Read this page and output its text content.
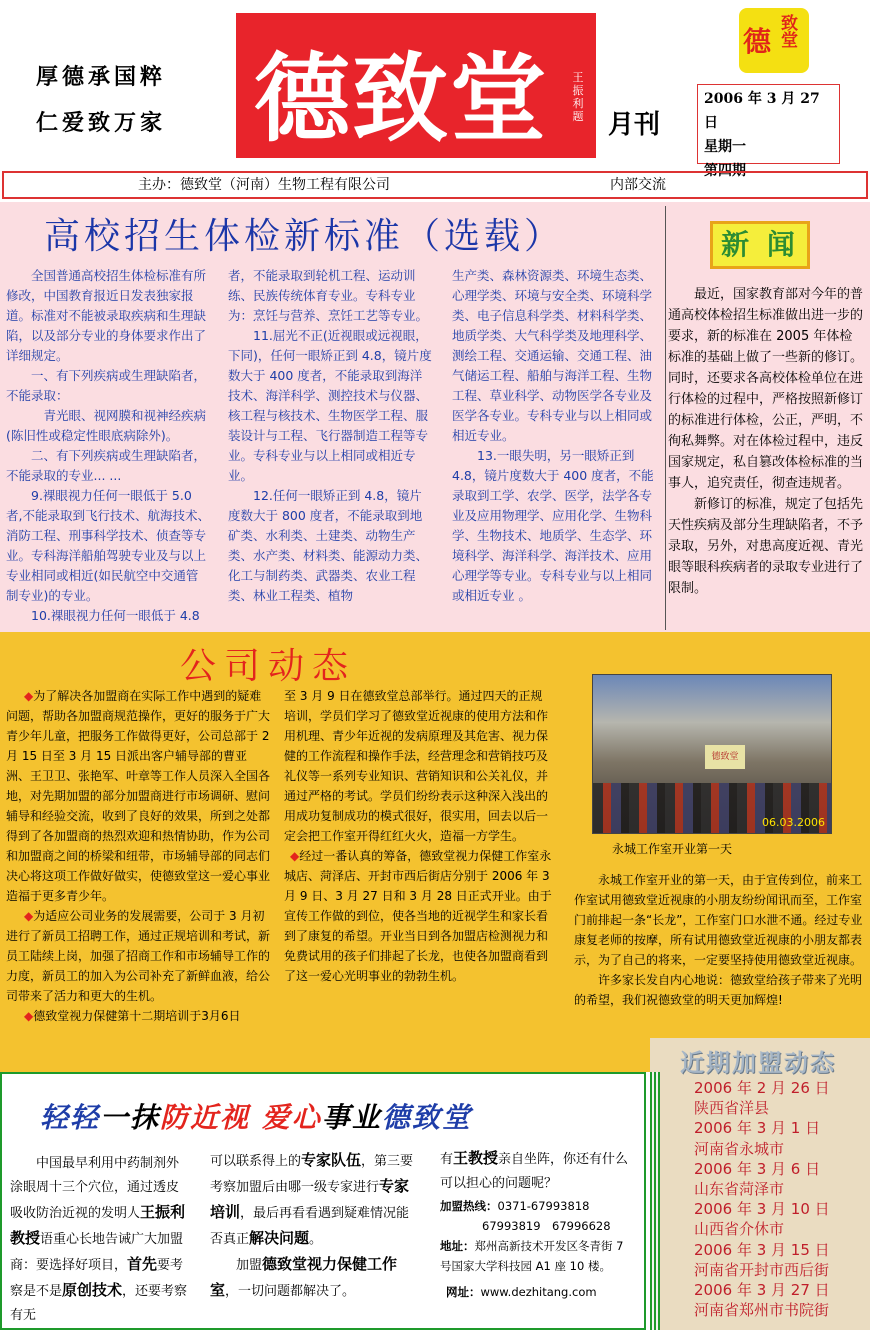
厚德承国粹
仁爱致万家 德致堂	王振利题 月刊
德 致堂
2006 年 3 月 27 日
星期一
第四期
主办：德致堂（河南）生物工程有限公司	内部交流
高校招生体检新标准（选载）

全国普通高校招生体检标准有所修改，中国教育报近日发表独家报道。标准对不能被录取疾病和生理缺陷，以及部分专业的身体要求作出了详细规定。

一、有下列疾病或生理缺陷者，不能录取：

青光眼、视网膜和视神经疾病(陈旧性或稳定性眼底病除外)。

二、有下列疾病或生理缺陷者，不能录取的专业... ...

9.裸眼视力任何一眼低于 5.0 者,不能录取到飞行技术、航海技术、消防工程、刑事科学技术、侦查等专业。专科海洋船舶驾驶专业及与以上专业相同或相近(如民航空中交通管制专业)的专业。

10.裸眼视力任何一眼低于 4.8

者，不能录取到轮机工程、运动训练、民族传统体育专业。专科专业为：烹饪与营养、烹饪工艺等专业。

11.屈光不正(近视眼或远视眼，下同)，任何一眼矫正到 4.8，镜片度数大于 400 度者，不能录取到海洋技术、海洋科学、测控技术与仪器、核工程与核技术、生物医学工程、服装设计与工程、飞行器制造工程等专业。专科专业与以上相同或相近专业。

12.任何一眼矫正到 4.8，镜片度数大于 800 度者，不能录取到地矿类、水利类、土建类、动物生产类、水产类、材料类、能源动力类、化工与制药类、武器类、农业工程类、林业工程类、植物

生产类、森林资源类、环境生态类、心理学类、环境与安全类、环境科学类、电子信息科学类、材料科学类、地质学类、大气科学类及地理科学、测绘工程、交通运输、交通工程、油气储运工程、船舶与海洋工程、生物工程、草业科学、动物医学各专业及医学各专业。专科专业与以上相同或相近专业。

13.一眼失明，另一眼矫正到 4.8，镜片度数大于 400 度者，不能录取到工学、农学、医学，法学各专业及应用物理学、应用化学、生物科学、生物技术、地质学、生态学、环境科学、海洋科学、海洋技术、应用心理学等专业。专科专业与以上相同或相近专业 。

新 闻

最近，国家教育部对今年的普通高校体检招生标准做出进一步的要求，新的标准在 2005 年体检标准的基础上做了一些新的修订。同时，还要求各高校体检单位在进行体检的过程中，严格按照新修订的标准进行体检，公正，严明，不徇私舞弊。对在体检过程中，违反国家规定，私自篡改体检标准的当事人，追究责任，彻查违规者。

新修订的标准，规定了包括先天性疾病及部分生理缺陷者，不予录取，另外，对患高度近视、青光眼等眼科疾病者的录取专业进行了限制。

公司动态

◆为了解决各加盟商在实际工作中遇到的疑难问题，帮助各加盟商规范操作，更好的服务于广大青少年儿童，把服务工作做得更好，公司总部于 2 月 15 日至 3 月 15 日派出客户辅导部的曹亚洲、王卫卫、张艳军、叶章等工作人员深入全国各地，对先期加盟的部分加盟商进行市场调研、慰问辅导和经验交流，收到了良好的效果，所到之处都得到了各加盟商的热烈欢迎和热情协助，作为公司和加盟商之间的桥梁和纽带，市场辅导部的同志们决心将这项工作做好做实，使德致堂这一爱心事业造福于更多青少年。

◆为适应公司业务的发展需要，公司于 3 月初进行了新员工招聘工作，通过正规培训和考试，新员工陆续上岗，加强了招商工作和市场辅导工作的力度，新员工的加入为公司补充了新鲜血液，给公司带来了活力和更大的生机。

◆德致堂视力保健第十二期培训于3月6日

至 3 月 9 日在德致堂总部举行。通过四天的正规培训，学员们学习了德致堂近视康的使用方法和作用机理、青少年近视的发病原理及其危害、视力保健的工作流程和操作手法，经营理念和营销技巧及礼仪等一系列专业知识、营销知识和公关礼仪，并通过严格的考试。学员们纷纷表示这种深入浅出的用成功复制成功的模式很好，很实用，回去以后一定会把工作室开得红红火火，造福一方学生。

◆经过一番认真的筹备，德致堂视力保健工作室永城店、菏泽店、开封市西后街店分别于 2006 年 3 月 9 日、3 月 27 日和 3 月 28 日正式开业。由于宣传工作做的到位，使各当地的近视学生和家长看到了康复的希望。开业当日到各加盟店检测视力和免费试用的孩子们排起了长龙，也使各加盟商看到了这一爱心光明事业的勃勃生机。

德致堂
06.03.2006
永城工作室开业第一天

永城工作室开业的第一天，由于宣传到位，前来工作室试用德致堂近视康的小朋友纷纷闻讯而至，工作室门前排起一条“长龙”，工作室门口水泄不通。经过专业康复老师的按摩，所有试用德致堂近视康的小朋友都表示，为了自己的将来，一定要坚持使用德致堂近视康。

许多家长发自内心地说：德致堂给孩子带来了光明的希望，我们祝德致堂的明天更加辉煌!

轻轻一抹防近视 爱心事业德致堂

中国最早利用中药制剂外涂眼周十三个穴位，通过透皮吸收防治近视的发明人王振利教授语重心长地告诫广大加盟商：要选择好项目，首先要考察是不是原创技术，还要考察有无

可以联系得上的专家队伍，第三要考察加盟后由哪一级专家进行专家培训，最后再看看遇到疑难情况能否真正解决问题。

加盟德致堂视力保健工作室，一切问题都解决了。

有王教授亲自坐阵，你还有什么可以担心的问题呢？

加盟热线：0371-67993818

67993819　67996628

地址：郑州高新技术开发区冬青街 7 号国家大学科技园 A1 座 10 楼。

网址：www.dezhitang.com

近期加盟动态
2006 年 2 月 26 日
陕西省洋县
2006 年 3 月 1 日
河南省永城市
2006 年 3 月 6 日
山东省菏泽市
2006 年 3 月 10 日
山西省介休市
2006 年 3 月 15 日
河南省开封市西后街
2006 年 3 月 27 日
河南省郑州市书院街
